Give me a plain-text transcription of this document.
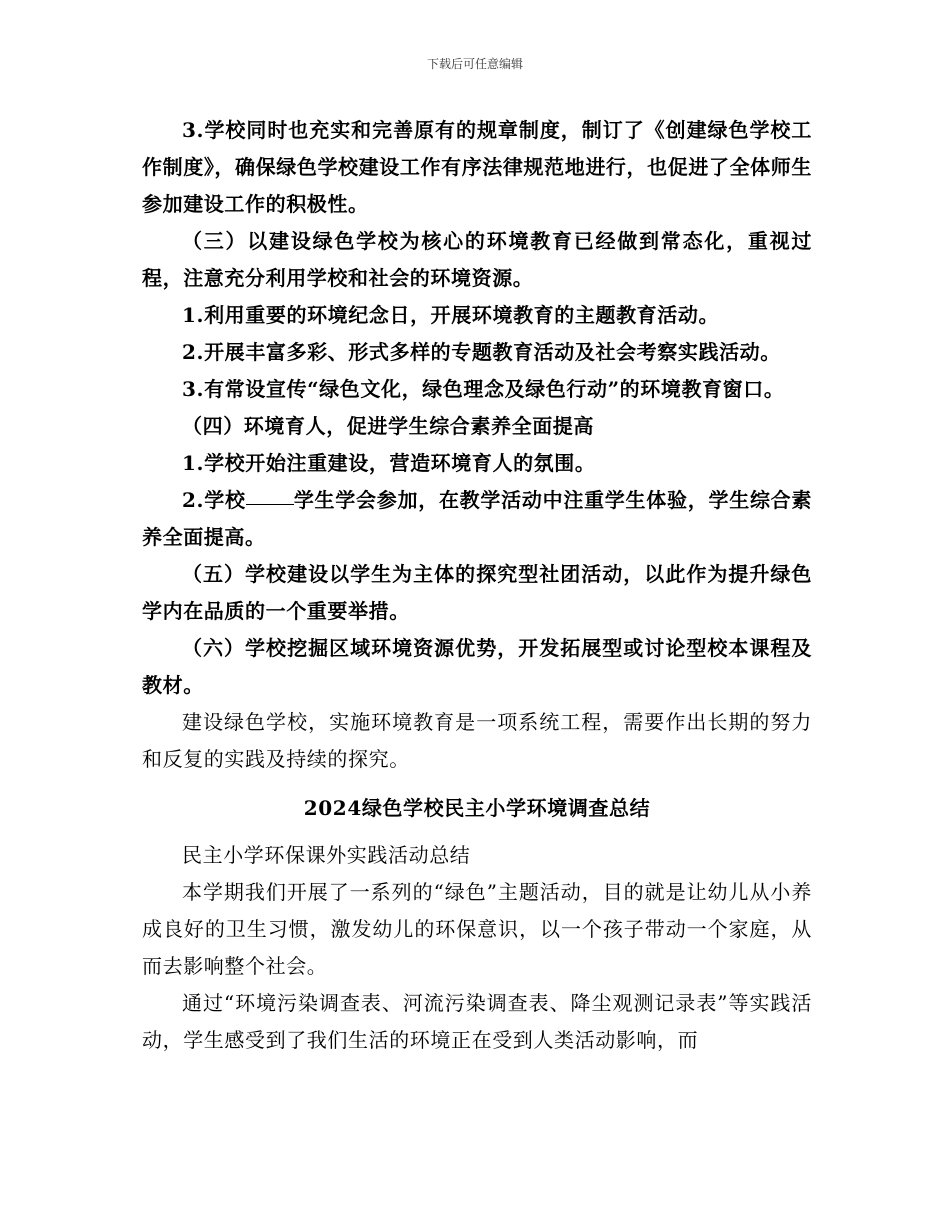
下载后可任意编辑

3.学校同时也充实和完善原有的规章制度，制订了《创建绿色学校工作制度》，确保绿色学校建设工作有序法律规范地进行，也促进了全体师生参加建设工作的积极性。

（三）以建设绿色学校为核心的环境教育已经做到常态化，重视过程，注意充分利用学校和社会的环境资源。

1.利用重要的环境纪念日，开展环境教育的主题教育活动。

2.开展丰富多彩、形式多样的专题教育活动及社会考察实践活动。

3.有常设宣传“绿色文化，绿色理念及绿色行动”的环境教育窗口。

（四）环境育人，促进学生综合素养全面提高

1.学校开始注重建设，营造环境育人的氛围。

2.学校 学生学会参加，在教学活动中注重学生体验，学生综合素养全面提高。

（五）学校建设以学生为主体的探究型社团活动，以此作为提升绿色学内在品质的一个重要举措。

（六）学校挖掘区域环境资源优势，开发拓展型或讨论型校本课程及教材。

建设绿色学校，实施环境教育是一项系统工程，需要作出长期的努力和反复的实践及持续的探究。

2024绿色学校民主小学环境调查总结

民主小学环保课外实践活动总结

本学期我们开展了一系列的“绿色”主题活动，目的就是让幼儿从小养成良好的卫生习惯，激发幼儿的环保意识，以一个孩子带动一个家庭，从而去影响整个社会。

通过“环境污染调查表、河流污染调查表、降尘观测记录表”等实践活动，学生感受到了我们生活的环境正在受到人类活动影响，而
